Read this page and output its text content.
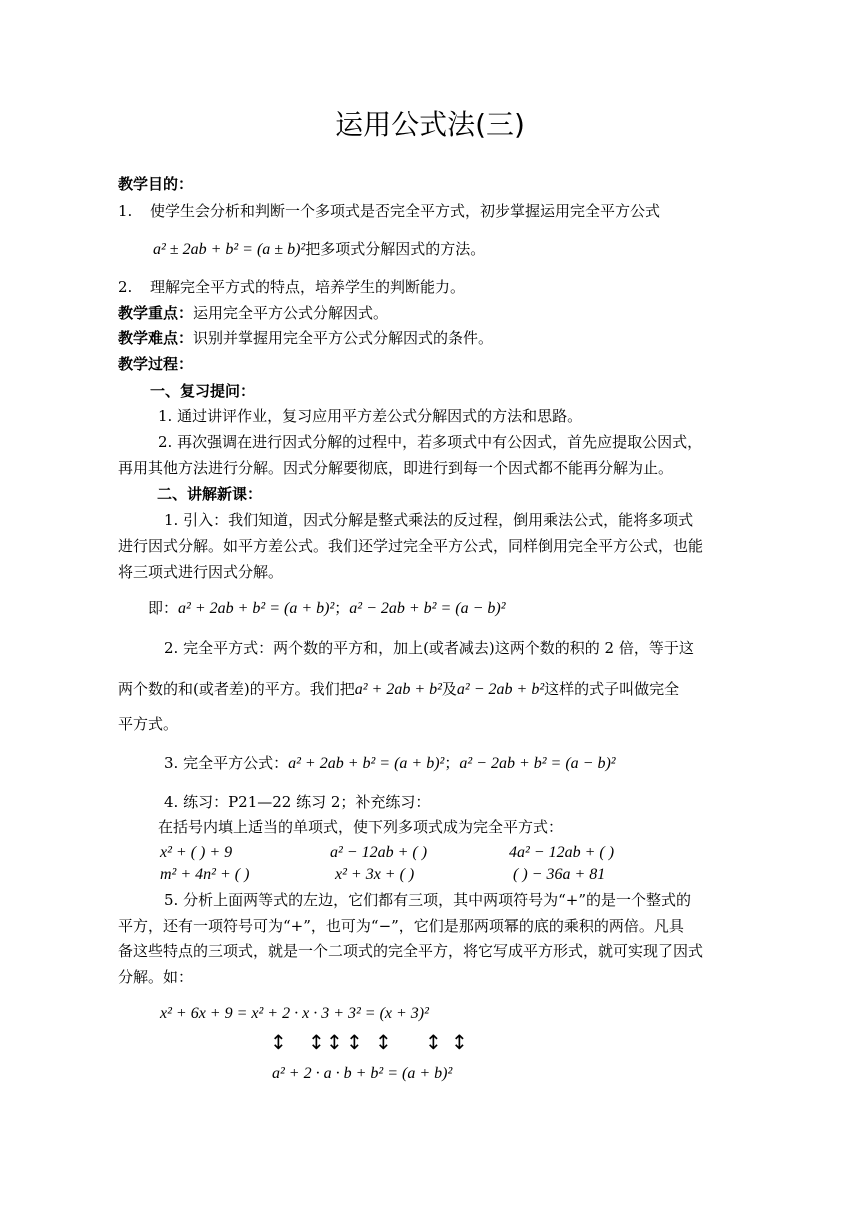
运用公式法(三)
教学目的：
1. 使学生会分析和判断一个多项式是否完全平方式，初步掌握运用完全平方公式
a² ± 2ab + b² = (a ± b)²把多项式分解因式的方法。
2. 理解完全平方式的特点，培养学生的判断能力。
教学重点：运用完全平方公式分解因式。
教学难点：识别并掌握用完全平方公式分解因式的条件。
教学过程：
一、复习提问：
1. 通过讲评作业，复习应用平方差公式分解因式的方法和思路。
2. 再次强调在进行因式分解的过程中，若多项式中有公因式，首先应提取公因式，
再用其他方法进行分解。因式分解要彻底，即进行到每一个因式都不能再分解为止。
二、讲解新课：
1. 引入：我们知道，因式分解是整式乘法的反过程，倒用乘法公式，能将多项式
进行因式分解。如平方差公式。我们还学过完全平方公式，同样倒用完全平方公式，也能
将三项式进行因式分解。
即：a² + 2ab + b² = (a + b)²；a² − 2ab + b² = (a − b)²
2. 完全平方式：两个数的平方和，加上(或者减去)这两个数的积的 2 倍，等于这
两个数的和(或者差)的平方。我们把a² + 2ab + b²及a² − 2ab + b²这样的式子叫做完全
平方式。
3. 完全平方公式：a² + 2ab + b² = (a + b)²；a² − 2ab + b² = (a − b)²
4. 练习：P21—22 练习 2；补充练习：
在括号内填上适当的单项式，使下列多项式成为完全平方式：
x² + ( ) + 9	a² − 12ab + ( )	4a² − 12ab + ( )
m² + 4n² + ( )	x² + 3x + ( )	( ) − 36a + 81
5. 分析上面两等式的左边，它们都有三项，其中两项符号为“+”的是一个整式的
平方，还有一项符号可为“+”，也可为“−”，它们是那两项幂的底的乘积的两倍。凡具
备这些特点的三项式，就是一个二项式的完全平方，将它写成平方形式，就可实现了因式
分解。如：
x² + 6x + 9 = x² + 2 · x · 3 + 3² = (x + 3)²
↕ ↕ ↕ ↕ ↕ ↕ ↕
a² + 2 · a · b + b² = (a + b)²
